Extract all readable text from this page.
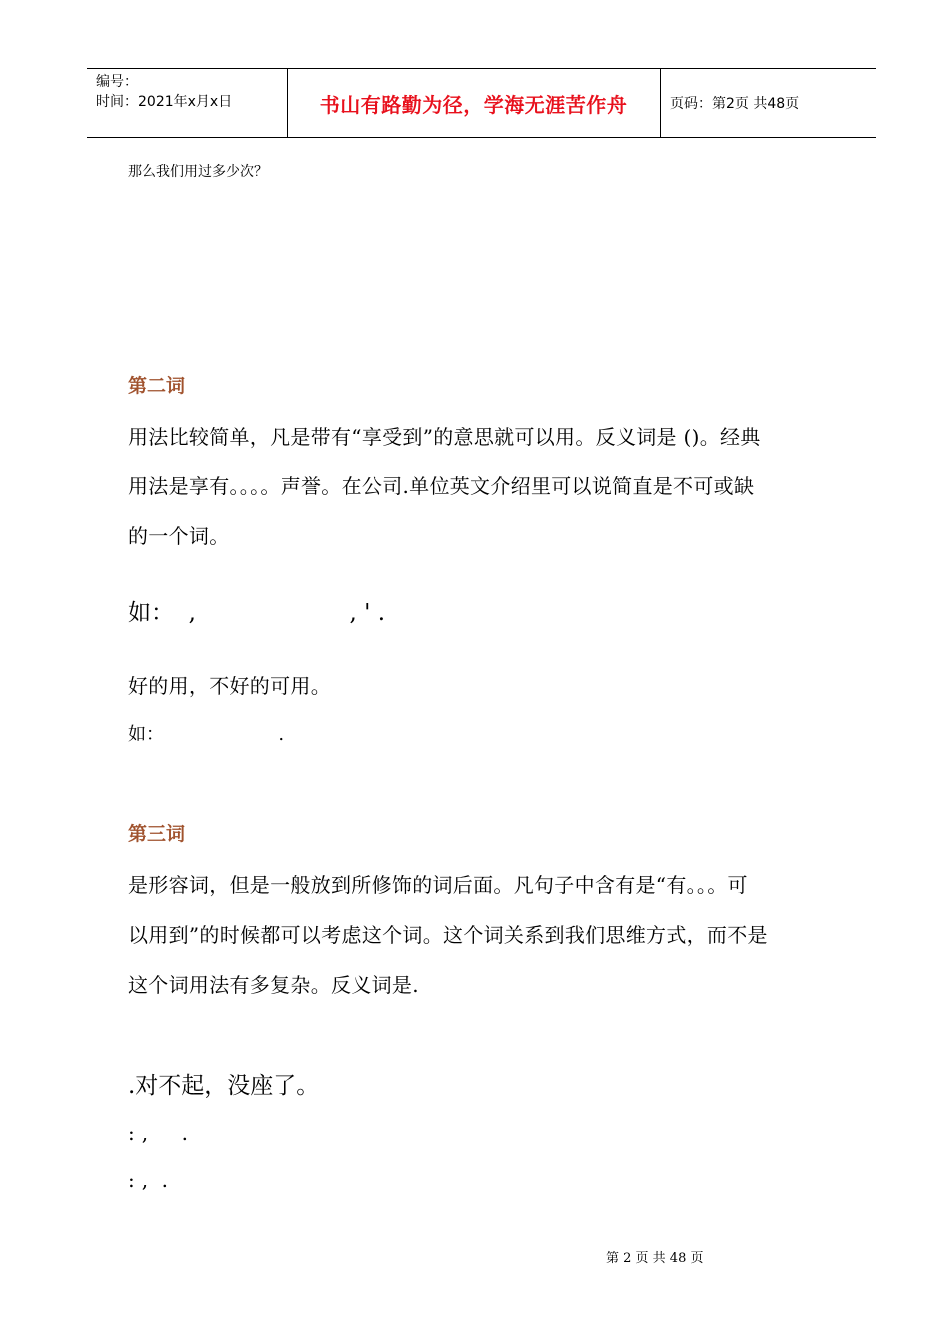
编号：
时间：2021年x月x日	书山有路勤为径，学海无涯苦作舟	页码：第2页 共48页
那么我们用过多少次？
第二词
用法比较简单，凡是带有“享受到”的意思就可以用。反义词是 ()。经典
用法是享有。。。。声誉。在公司.单位英文介绍里可以说简直是不可或缺
的一个词。
如：  ,                     , ' .
好的用，不好的可用。
如：                    .
第三词
是形容词，但是一般放到所修饰的词后面。凡句子中含有是“有。。。可
以用到”的时候都可以考虑这个词。这个词关系到我们思维方式，而不是
这个词用法有多复杂。反义词是.
.对不起，没座了。
: ,     .
: ,  .
第 2 页 共 48 页
